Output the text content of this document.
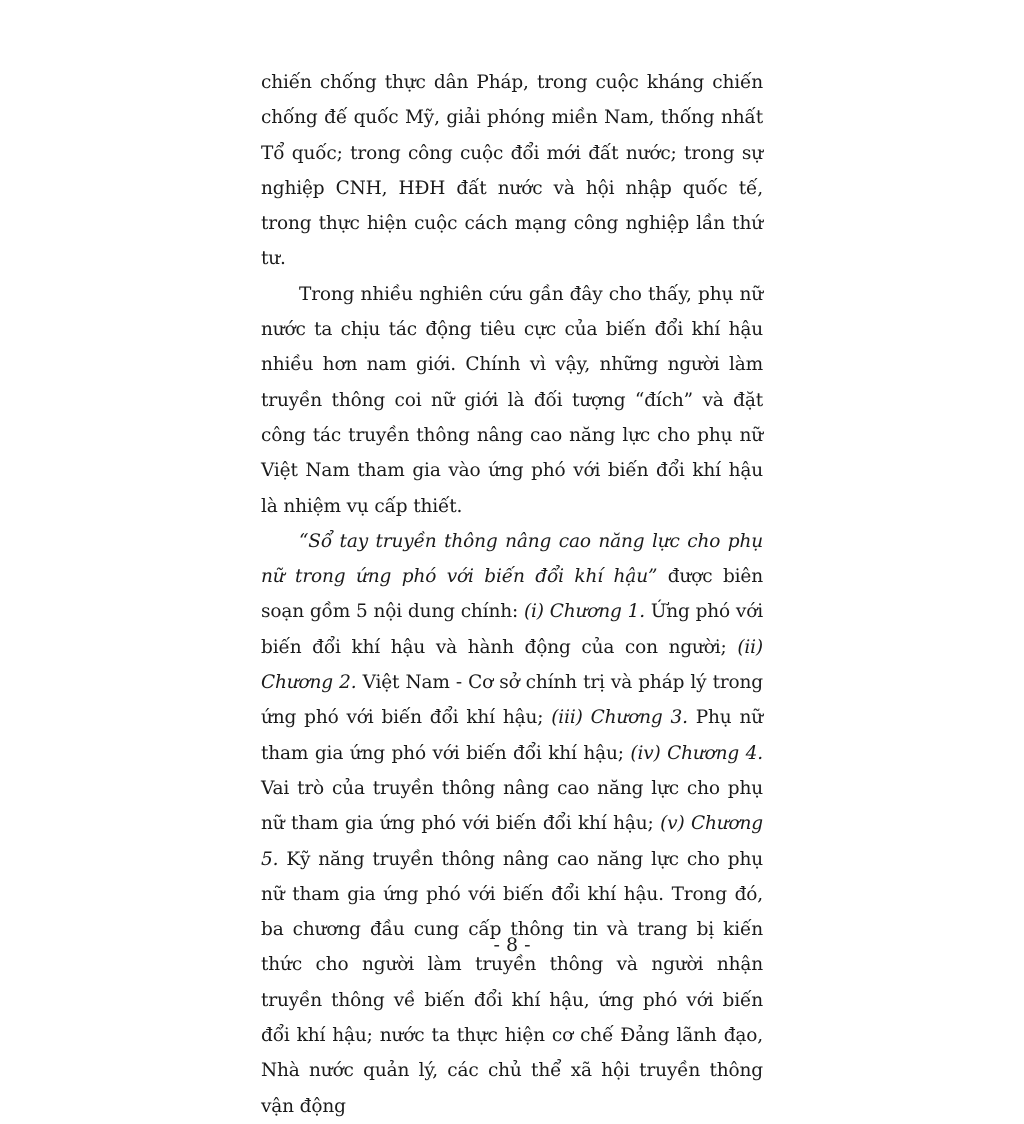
chiến chống thực dân Pháp, trong cuộc kháng chiến chống đế quốc Mỹ, giải phóng miền Nam, thống nhất Tổ quốc; trong công cuộc đổi mới đất nước; trong sự nghiệp CNH, HĐH đất nước và hội nhập quốc tế, trong thực hiện cuộc cách mạng công nghiệp lần thứ tư.

Trong nhiều nghiên cứu gần đây cho thấy, phụ nữ nước ta chịu tác động tiêu cực của biến đổi khí hậu nhiều hơn nam giới. Chính vì vậy, những người làm truyền thông coi nữ giới là đối tượng “đích” và đặt công tác truyền thông nâng cao năng lực cho phụ nữ Việt Nam tham gia vào ứng phó với biến đổi khí hậu là nhiệm vụ cấp thiết.

“Sổ tay truyền thông nâng cao năng lực cho phụ nữ trong ứng phó với biến đổi khí hậu” được biên soạn gồm 5 nội dung chính: (i) Chương 1. Ứng phó với biến đổi khí hậu và hành động của con người; (ii) Chương 2. Việt Nam - Cơ sở chính trị và pháp lý trong ứng phó với biến đổi khí hậu; (iii) Chương 3. Phụ nữ tham gia ứng phó với biến đổi khí hậu; (iv) Chương 4. Vai trò của truyền thông nâng cao năng lực cho phụ nữ tham gia ứng phó với biến đổi khí hậu; (v) Chương 5. Kỹ năng truyền thông nâng cao năng lực cho phụ nữ tham gia ứng phó với biến đổi khí hậu. Trong đó, ba chương đầu cung cấp thông tin và trang bị kiến thức cho người làm truyền thông và người nhận truyền thông về biến đổi khí hậu, ứng phó với biến đổi khí hậu; nước ta thực hiện cơ chế Đảng lãnh đạo, Nhà nước quản lý, các chủ thể xã hội truyền thông vận động

- 8 -
